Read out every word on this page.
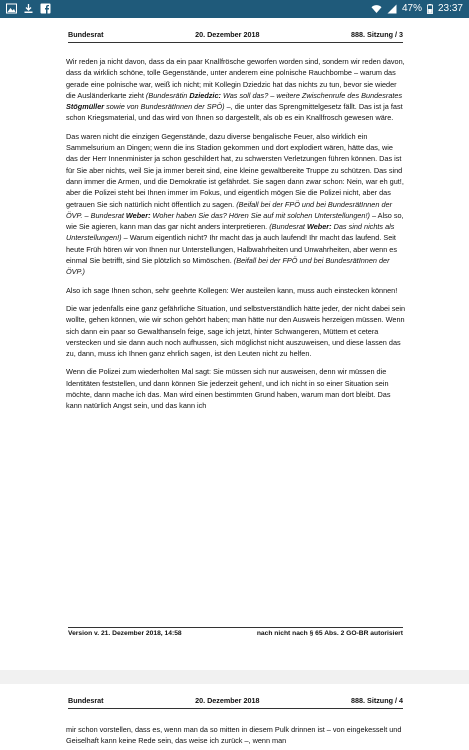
47% 23:37
Bundesrat	20. Dezember 2018	888. Sitzung / 3

Wir reden ja nicht davon, dass da ein paar Knallfrösche geworfen worden sind, sondern wir reden davon, dass da wirklich schöne, tolle Gegenstände, unter anderem eine polnische Rauchbombe – warum das gerade eine polnische war, weiß ich nicht; mit Kollegin Dziedzic hat das nichts zu tun, bevor sie wieder die Ausländerkarte zieht (Bundesrätin Dziedzic: Was soll das? – weitere Zwischenrufe des Bundesrates Stögmüller sowie von BundesrätInnen der SPÖ) –, die unter das Sprengmittelgesetz fällt. Das ist ja fast schon Kriegsmaterial, und das wird von Ihnen so dargestellt, als ob es ein Knallfrosch gewesen wäre.

Das waren nicht die einzigen Gegenstände, dazu diverse bengalische Feuer, also wirklich ein Sammelsurium an Dingen; wenn die ins Stadion gekommen und dort explodiert wären, hätte das, wie das der Herr Innenminister ja schon geschildert hat, zu schwersten Verletzungen führen können. Das ist für Sie aber nichts, weil Sie ja immer bereit sind, eine kleine gewaltbereite Truppe zu schützen. Das sind dann immer die Armen, und die Demokratie ist gefährdet. Sie sagen dann zwar schon: Nein, war eh gut!, aber die Polizei steht bei Ihnen immer im Fokus, und eigentlich mögen Sie die Polizei nicht, aber das getrauen Sie sich natürlich nicht öffentlich zu sagen. (Beifall bei der FPÖ und bei BundesrätInnen der ÖVP. – Bundesrat Weber: Woher haben Sie das? Hören Sie auf mit solchen Unterstellungen!) – Also so, wie Sie agieren, kann man das gar nicht anders interpretieren. (Bundesrat Weber: Das sind nichts als Unterstellungen!) – Warum eigentlich nicht? Ihr macht das ja auch laufend! Ihr macht das laufend. Seit heute Früh hören wir von Ihnen nur Unterstellungen, Halbwahrheiten und Unwahrheiten, aber wenn es einmal Sie betrifft, sind Sie plötzlich so Mimöschen. (Beifall bei der FPÖ und bei BundesrätInnen der ÖVP.)

Also ich sage Ihnen schon, sehr geehrte Kollegen: Wer austeilen kann, muss auch einstecken können!

Die war jedenfalls eine ganz gefährliche Situation, und selbstverständlich hätte jeder, der nicht dabei sein wollte, gehen können, wie wir schon gehört haben; man hätte nur den Ausweis herzeigen müssen. Wenn sich dann ein paar so Gewalthanseln feige, sage ich jetzt, hinter Schwangeren, Müttern et cetera verstecken und sie dann auch noch aufhussen, sich möglichst nicht auszuweisen, und diese lassen das zu, dann, muss ich Ihnen ganz ehrlich sagen, ist den Leuten nicht zu helfen.

Wenn die Polizei zum wiederholten Mal sagt: Sie müssen sich nur ausweisen, denn wir müssen die Identitäten feststellen, und dann können Sie jederzeit gehen!, und ich nicht in so einer Situation sein möchte, dann mache ich das. Man wird einen bestimmten Grund haben, warum man dort bleibt. Das kann natürlich Angst sein, und das kann ich

Version v. 21. Dezember 2018, 14:58	nach nicht nach § 65 Abs. 2 GO-BR autorisiert
Bundesrat	20. Dezember 2018	888. Sitzung / 4
mir schon vorstellen, dass es, wenn man da so mitten in diesem Pulk drinnen ist – von eingekesselt und Geiselhaft kann keine Rede sein, das weise ich zurück –, wenn man
